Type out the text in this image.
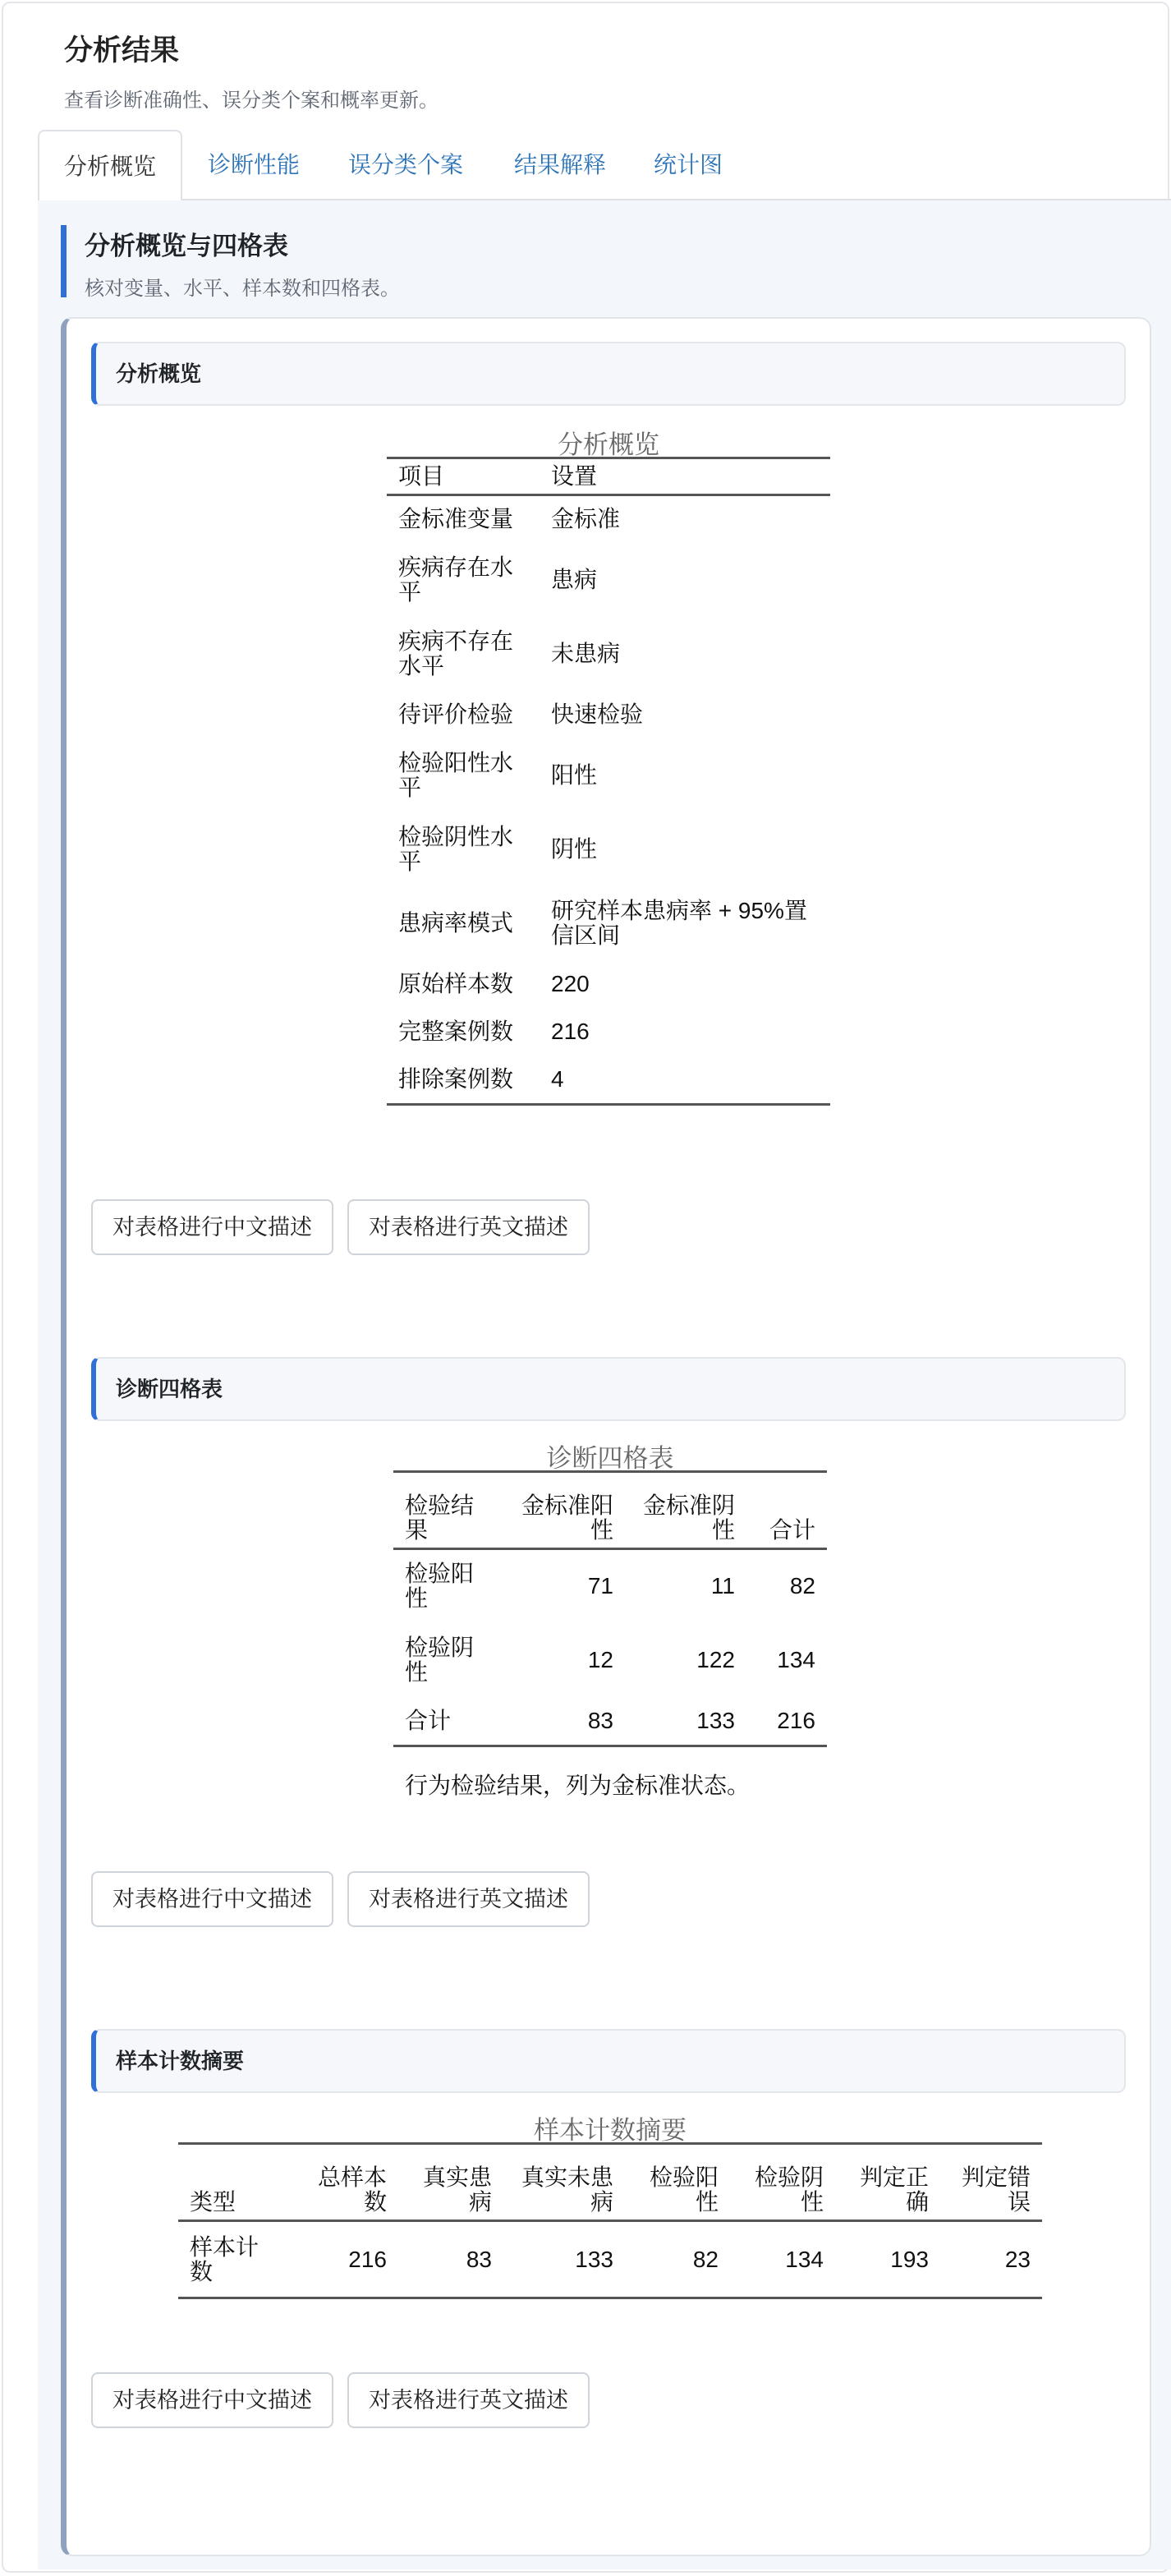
分析结果
查看诊断准确性、误分类个案和概率更新。
分析概览	诊断性能	误分类个案	结果解释	统计图
分析概览与四格表
核对变量、水平、样本数和四格表。
分析概览
分析概览
项目	设置
金标准变量	金标准
疾病存在水平	患病
疾病不存在水平	未患病
待评价检验	快速检验
检验阳性水平	阳性
检验阴性水平	阴性
患病率模式	研究样本患病率 + 95%置信区间
原始样本数	220
完整案例数	216
排除案例数	4
对表格进行中文描述	对表格进行英文描述
诊断四格表
诊断四格表
检验结果	金标准阳性	金标准阴性	合计
检验阳性	71	11	82
检验阴性	12	122	134
合计	83	133	216
行为检验结果，列为金标准状态。
对表格进行中文描述	对表格进行英文描述
样本计数摘要
样本计数摘要
类型	总样本数	真实患病	真实未患病	检验阳性	检验阴性	判定正确	判定错误
样本计数	216	83	133	82	134	193	23
对表格进行中文描述	对表格进行英文描述
